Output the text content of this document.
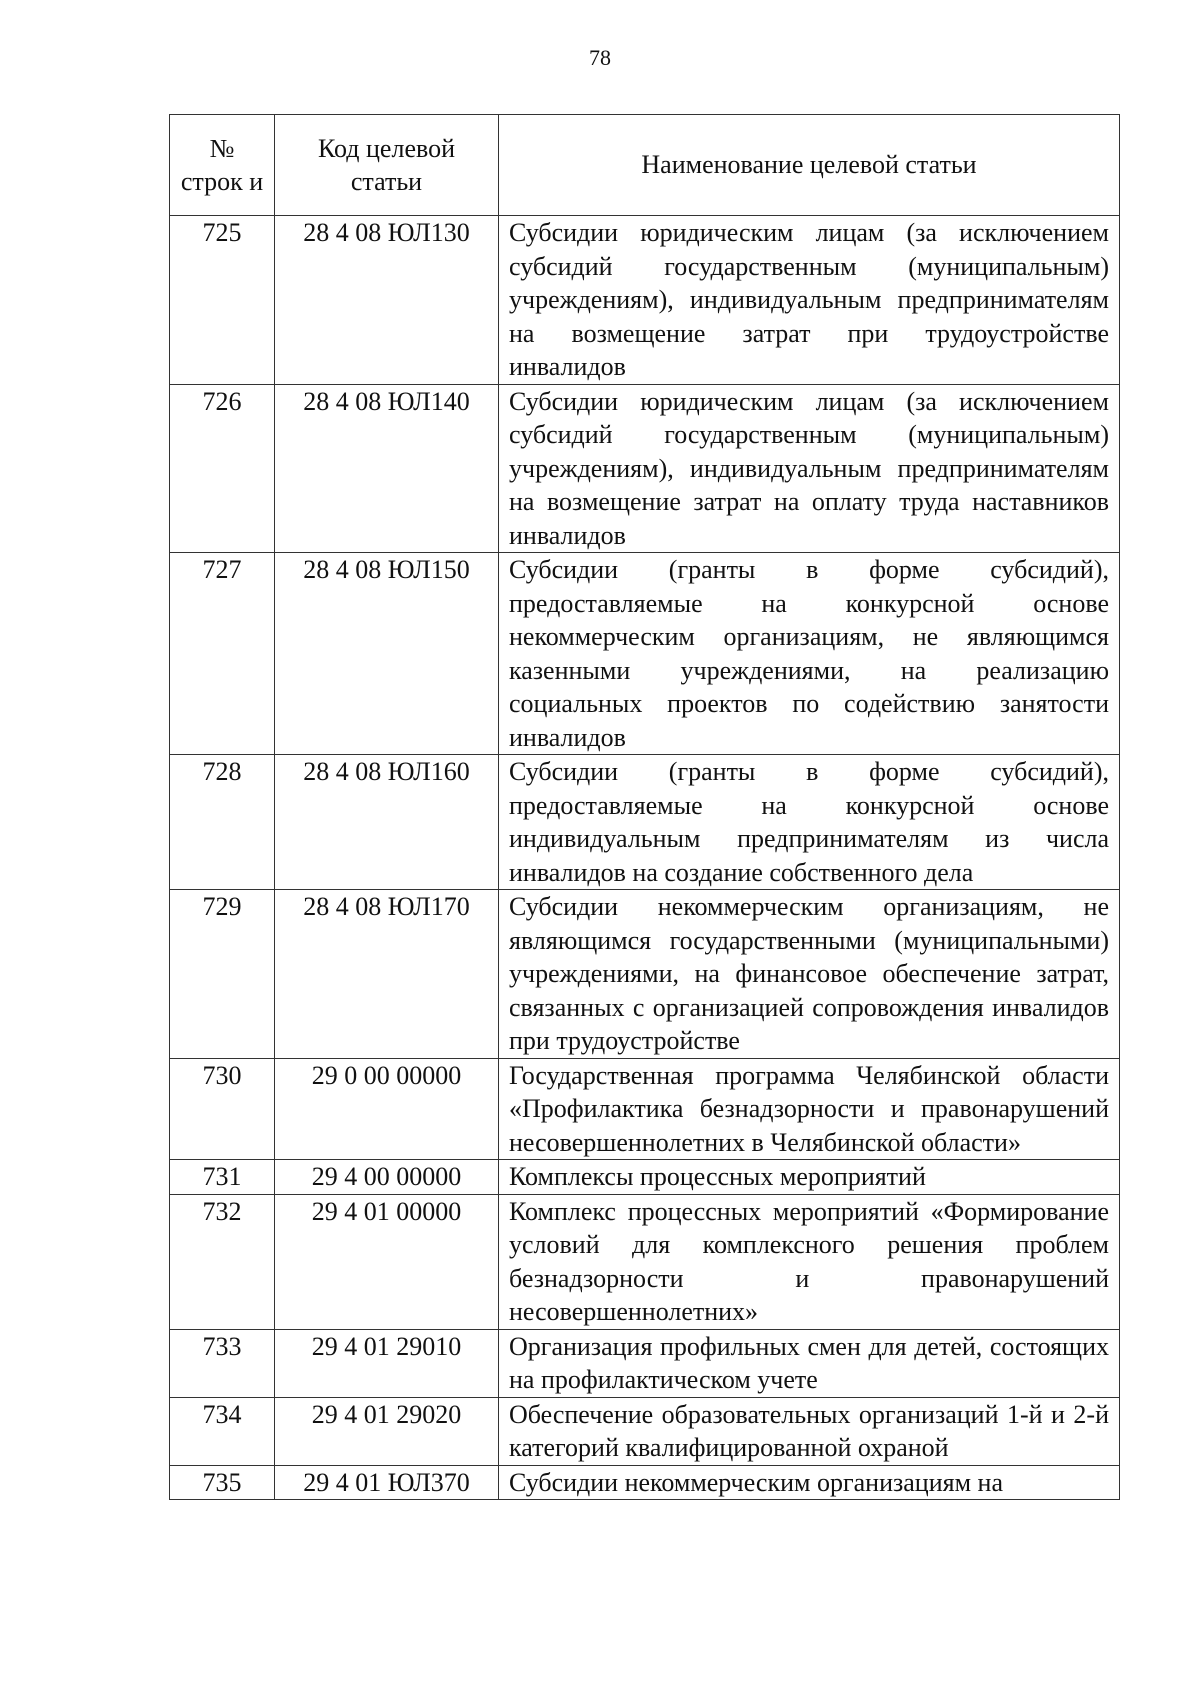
78
№ строк и	Код целевой статьи	Наименование целевой статьи
725	28 4 08 ЮЛ130	Субсидии юридическим лицам (за исключением субсидий государственным (муниципальным) учреждениям), индивидуальным предпринимателям на возмещение затрат при трудоустройстве инвалидов
726	28 4 08 ЮЛ140	Субсидии юридическим лицам (за исключением субсидий государственным (муниципальным) учреждениям), индивидуальным предпринимателям на возмещение затрат на оплату труда наставников инвалидов
727	28 4 08 ЮЛ150	Субсидии (гранты в форме субсидий), предоставляемые на конкурсной основе некоммерческим организациям, не являющимся казенными учреждениями, на реализацию социальных проектов по содействию занятости инвалидов
728	28 4 08 ЮЛ160	Субсидии (гранты в форме субсидий), предоставляемые на конкурсной основе индивидуальным предпринимателям из числа инвалидов на создание собственного дела
729	28 4 08 ЮЛ170	Субсидии некоммерческим организациям, не являющимся государственными (муниципальными) учреждениями, на финансовое обеспечение затрат, связанных с организацией сопровождения инвалидов при трудоустройстве
730	29 0 00 00000	Государственная программа Челябинской области «Профилактика безнадзорности и правонарушений несовершеннолетних в Челябинской области»
731	29 4 00 00000	Комплексы процессных мероприятий
732	29 4 01 00000	Комплекс процессных мероприятий «Формирование условий для комплексного решения проблем безнадзорности и правонарушений несовершеннолетних»
733	29 4 01 29010	Организация профильных смен для детей, состоящих на профилактическом учете
734	29 4 01 29020	Обеспечение образовательных организаций 1-й и 2-й категорий квалифицированной охраной
735	29 4 01 ЮЛ370	Субсидии некоммерческим организациям на
